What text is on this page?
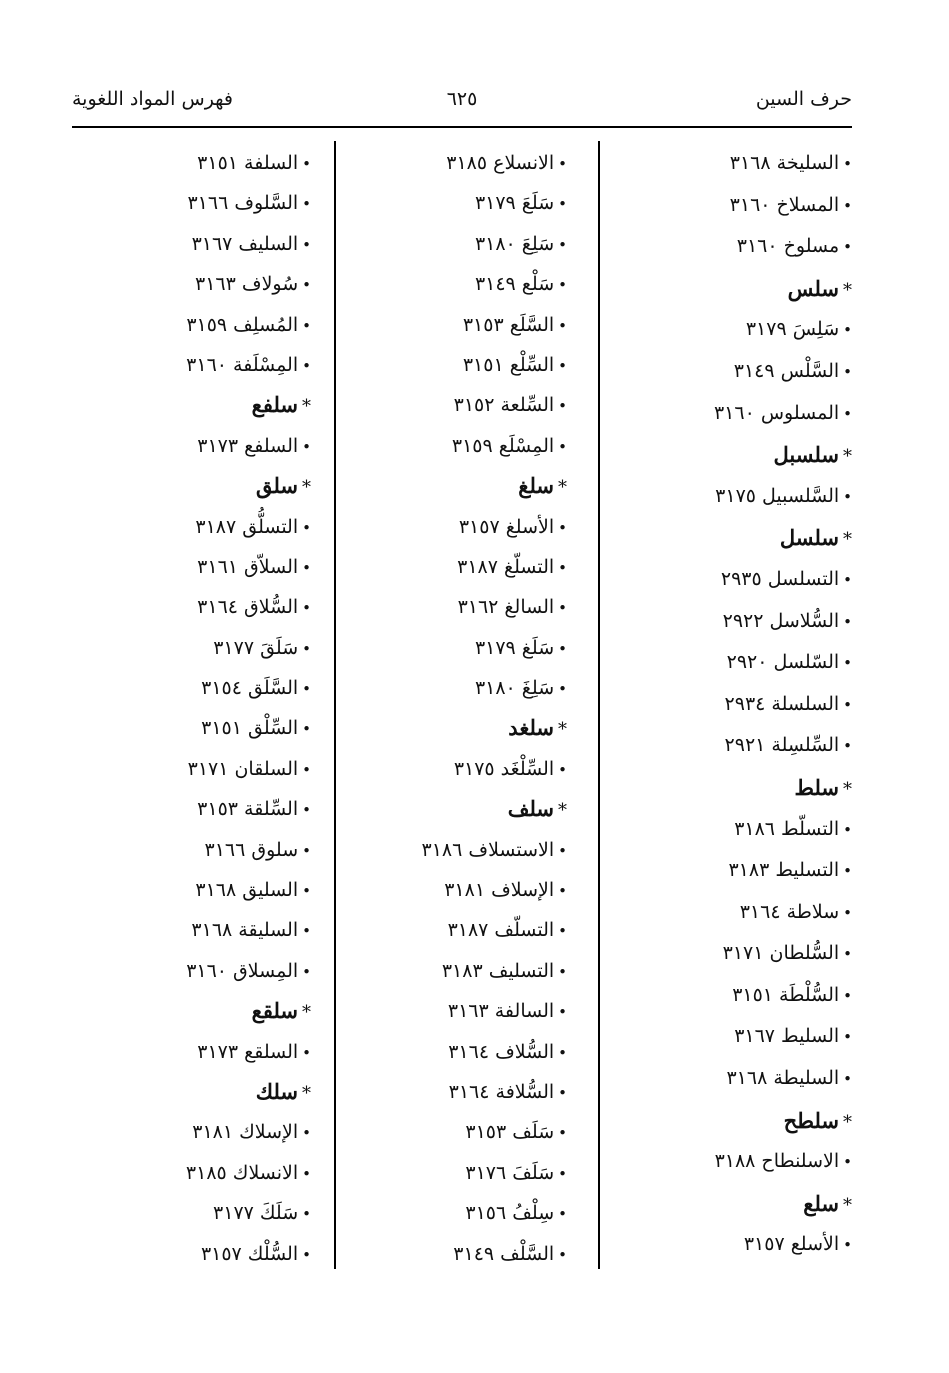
حرف السين
٦٢٥
فهرس المواد اللغوية
•السليخة ٣١٦٨
•المسلاخ ٣١٦٠
•مسلوخ ٣١٦٠
*سلس
•سَلِسَ ٣١٧٩
•السَّلْس ٣١٤٩
•المسلوس ٣١٦٠
*سلسبل
•السَّلسبيل ٣١٧٥
*سلسل
•التسلسل ٢٩٣٥
•السُّلاسل ٢٩٢٢
•السّلسل ٢٩٢٠
•السلسلة ٢٩٣٤
•السِّلسِلة ٢٩٢١
*سلط
•التسلّط ٣١٨٦
•التسليط ٣١٨٣
•سلاطة ٣١٦٤
•السُّلطان ٣١٧١
•السُّلْطَة ٣١٥١
•السليط ٣١٦٧
•السليطة ٣١٦٨
*سلطح
•الاسلنطاح ٣١٨٨
*سلع
•الأسلع ٣١٥٧
•الانسلاع ٣١٨٥
•سَلَعَ ٣١٧٩
•سَلِعَ ٣١٨٠
•سَلْع ٣١٤٩
•السَّلَع ٣١٥٣
•السِّلْع ٣١٥١
•السِّلعة ٣١٥٢
•المِسْلَع ٣١٥٩
*سلغ
•الأسلغ ٣١٥٧
•التسلّغ ٣١٨٧
•السالغ ٣١٦٢
•سَلَغ ٣١٧٩
•سَلِغَ ٣١٨٠
*سلغد
•السِّلْغَد ٣١٧٥
*سلف
•الاستسلاف ٣١٨٦
•الإسلاف ٣١٨١
•التسلّف ٣١٨٧
•التسليف ٣١٨٣
•السالفة ٣١٦٣
•السُّلاف ٣١٦٤
•السُّلافة ٣١٦٤
•سَلَف ٣١٥٣
•سَلَفَ ٣١٧٦
•سِلْفُ ٣١٥٦
•السَّلْف ٣١٤٩
•السلفة ٣١٥١
•السَّلوف ٣١٦٦
•السليف ٣١٦٧
•سُولاف ٣١٦٣
•المُسلِف ٣١٥٩
•المِسْلَفة ٣١٦٠
*سلفع
•السلفع ٣١٧٣
*سلق
•التسلُّق ٣١٨٧
•السلاّق ٣١٦١
•السُّلاق ٣١٦٤
•سَلَقَ ٣١٧٧
•السَّلَق ٣١٥٤
•السِّلْق ٣١٥١
•السلقان ٣١٧١
•السِّلقة ٣١٥٣
•سلوق ٣١٦٦
•السليق ٣١٦٨
•السليقة ٣١٦٨
•المِسلاق ٣١٦٠
*سلقع
•السلقع ٣١٧٣
*سلك
•الإسلاك ٣١٨١
•الانسلاك ٣١٨٥
•سَلَكَ ٣١٧٧
•السُّلْك ٣١٥٧
